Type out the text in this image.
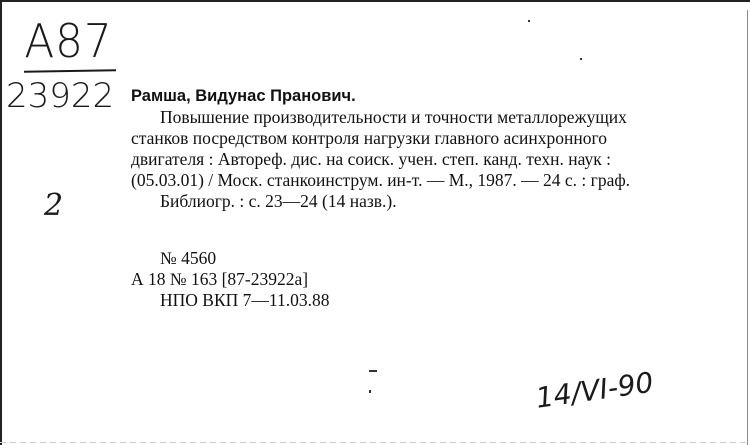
A87
23922
2
Рамша, Видунас Пранович.
Повышение производительности и точности металлорежущих
станков посредством контроля нагрузки главного асинхронного
двигателя : Автореф. дис. на соиск. учен. степ. канд. техн. наук :
(05.03.01) / Моск. станкоинструм. ин-т. — М., 1987. — 24 с. : граф.
Библиогр. : с. 23—24 (14 назв.).
№ 4560
А 18 № 163 [87-23922а]
НПО ВКП 7—11.03.88
14/VI-90
